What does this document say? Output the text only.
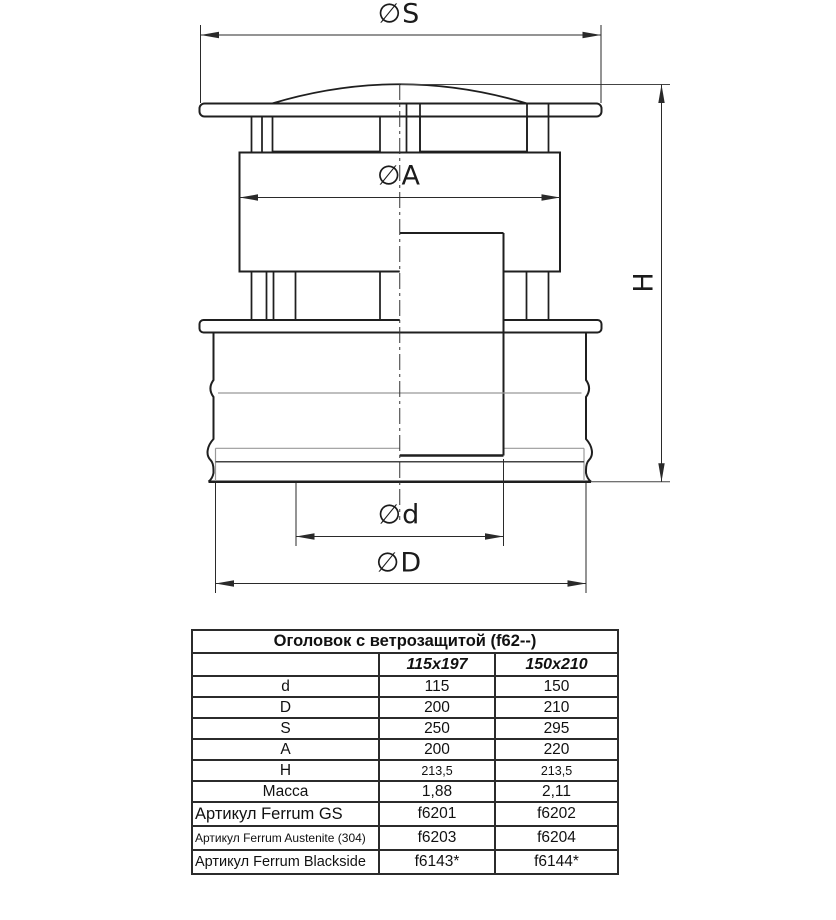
∅S
∅A
∅d
∅D
H
Оголовок с ветрозащитой (f62--)		
	115x197	150x210
d	115	150
D	200	210
S	250	295
A	200	220
H	213,5	213,5
Масса	1,88	2,11
Артикул Ferrum GS	f6201	f6202
Артикул Ferrum Austenite (304)	f6203	f6204
Артикул Ferrum Blackside	f6143*	f6144*
